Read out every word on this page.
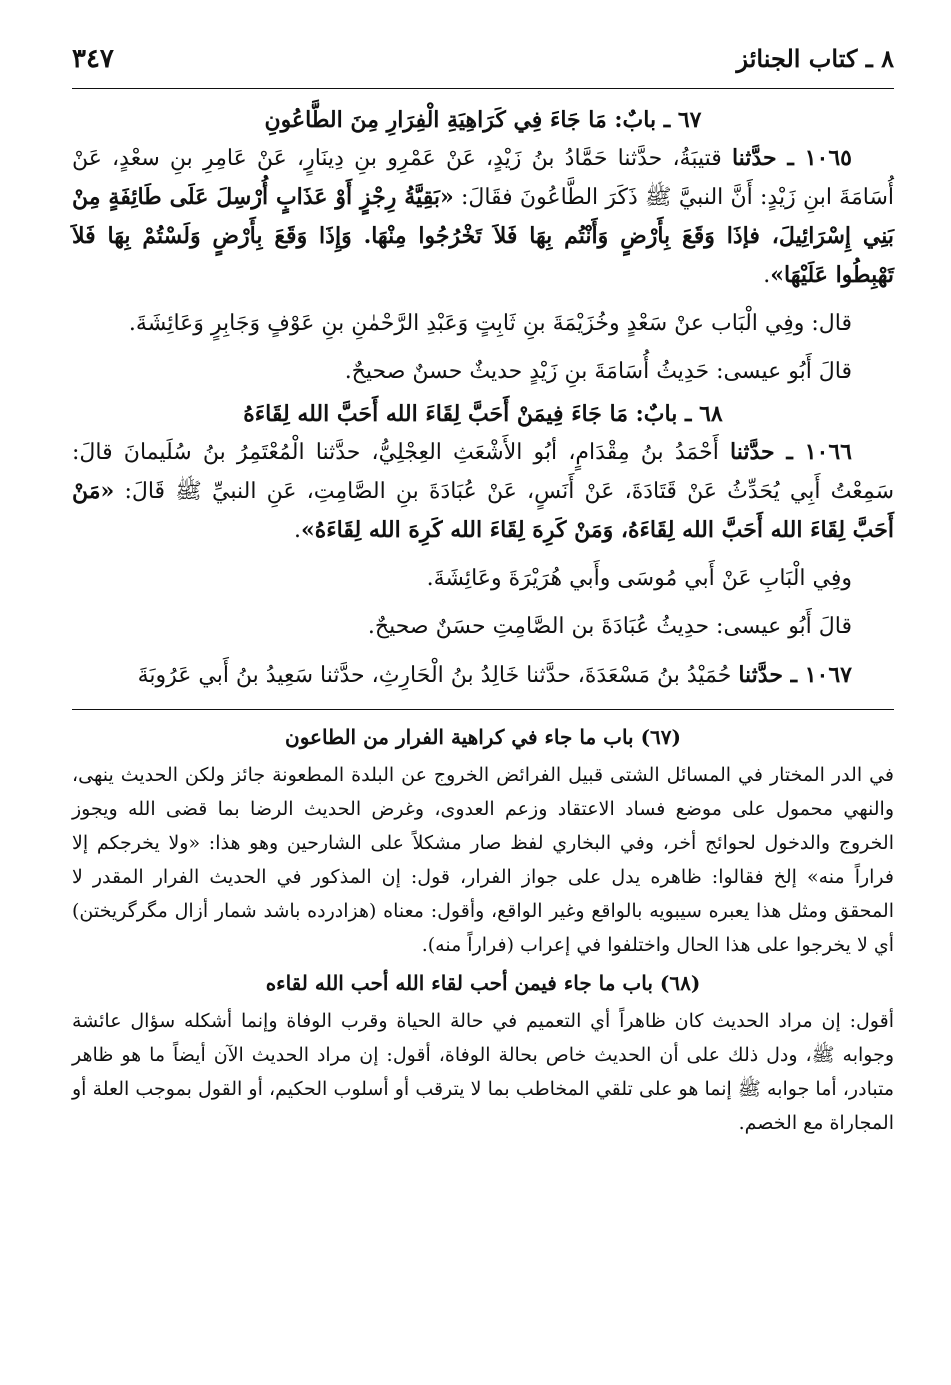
٨ ـ كتاب الجنائز
٣٤٧
٦٧ ـ بابٌ: مَا جَاءَ فِي كَرَاهِيَةِ الْفِرَارِ مِنَ الطَّاعُونِ

١٠٦٥ ـ حدَّثنا قتيبَةُ، حدَّثنا حَمَّادُ بنُ زَيْدٍ، عَنْ عَمْرِو بنِ دِينَارٍ، عَنْ عَامِرِ بنِ سعْدٍ، عَنْ أُسَامَةَ ابنِ زَيْدٍ: أَنَّ النبيَّ ﷺ ذَكَرَ الطَّاعُونَ فقَالَ: «بَقِيَّةُ رِجْزٍ أَوْ عَذَابٍ أُرْسِلَ عَلَى طَائِفَةٍ مِنْ بَنِي إِسْرَائِيلَ، فإذَا وَقَعَ بِأَرْضٍ وَأَنْتُم بِهَا فَلاَ تَخْرُجُوا مِنْهَا. وَإِذَا وَقَعَ بِأَرْضٍ وَلَسْتُمْ بِهَا فَلاَ تَهْبِطُوا عَلَيْهَا».

قال: وفِي الْبَاب عنْ سَعْدٍ وخُزَيْمَةَ بنِ ثَابِتٍ وَعَبْدِ الرَّحْمٰنِ بنِ عَوْفٍ وَجَابِرٍ وَعَائِشَةَ.

قالَ أَبُو عيسى: حَدِيثُ أُسَامَةَ بنِ زَيْدٍ حديثٌ حسنٌ صحيحٌ.

٦٨ ـ بابٌ: مَا جَاءَ فِيمَنْ أَحَبَّ لِقَاءَ الله أَحَبَّ الله لِقَاءَهُ

١٠٦٦ ـ حدَّثنا أَحْمَدُ بنُ مِقْدَامٍ، أبُو الأَشْعَثِ العِجْلِيُّ، حدَّثنا الْمُعْتَمِرُ بنُ سُلَيمانَ قالَ: سَمِعْتُ أَبِي يُحَدِّثُ عَنْ قَتَادَةَ، عَنْ أَنَسٍ، عَنْ عُبَادَةَ بنِ الصَّامِتِ، عَنِ النبيِّ ﷺ قَالَ: «مَنْ أَحَبَّ لِقَاءَ الله أَحَبَّ الله لِقَاءَهُ، وَمَنْ كَرِهَ لِقَاءَ الله كَرِهَ الله لِقَاءَهُ».

وفِي الْبَابِ عَنْ أَبي مُوسَى وأَبي هُرَيْرَةَ وعَائِشَةَ.

قالَ أَبُو عيسى: حدِيثُ عُبَادَةَ بن الصَّامِتِ حسَنٌ صحيحٌ.

١٠٦٧ ـ حدَّثنا حُمَيْدُ بنُ مَسْعَدَةَ، حدَّثنا خَالِدُ بنُ الْحَارِثِ، حدَّثنا سَعِيدُ بنُ أَبي عَرُوبَةَ

(٦٧) باب ما جاء في كراهية الفرار من الطاعون

في الدر المختار في المسائل الشتى قبيل الفرائض الخروج عن البلدة المطعونة جائز ولكن الحديث ينهى، والنهي محمول على موضع فساد الاعتقاد وزعم العدوى، وغرض الحديث الرضا بما قضى الله ويجوز الخروج والدخول لحوائج أخر، وفي البخاري لفظ صار مشكلاً على الشارحين وهو هذا: «ولا يخرجكم إلا فراراً منه» إلخ فقالوا: ظاهره يدل على جواز الفرار، قول: إن المذكور في الحديث الفرار المقدر لا المحقق ومثل هذا يعبره سيبويه بالواقع وغير الواقع، وأقول: معناه (هزادرده باشد شمار أزال مگرگريختن) أي لا يخرجوا على هذا الحال واختلفوا في إعراب (فراراً منه).

(٦٨) باب ما جاء فيمن أحب لقاء الله أحب الله لقاءه

أقول: إن مراد الحديث كان ظاهراً أي التعميم في حالة الحياة وقرب الوفاة وإنما أشكله سؤال عائشة وجوابه ﷺ، ودل ذلك على أن الحديث خاص بحالة الوفاة، أقول: إن مراد الحديث الآن أيضاً ما هو ظاهر متبادر، أما جوابه ﷺ إنما هو على تلقي المخاطب بما لا يترقب أو أسلوب الحكيم، أو القول بموجب العلة أو المجاراة مع الخصم.
